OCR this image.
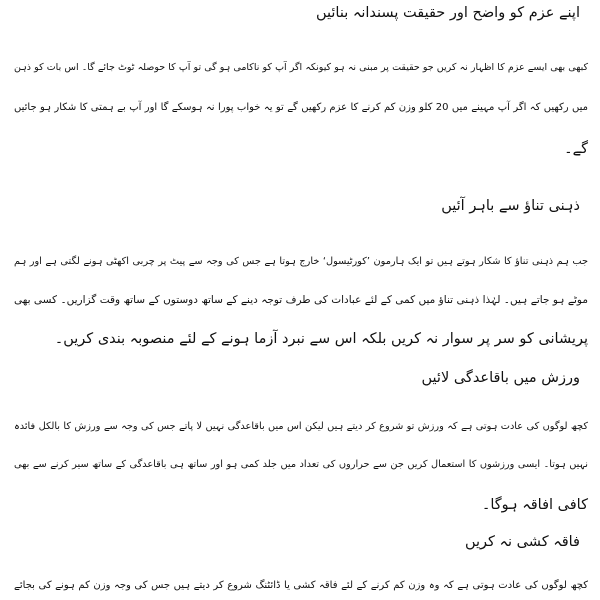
اپنے عزم کو واضح اور حقیقت پسندانہ بنائیں

کبھی بھی ایسے عزم کا اظہار نہ کریں جو حقیقت پر مبنی نہ ہو کیونکہ اگر آپ کو ناکامی ہو گی تو آپ کا حوصلہ ٹوٹ جائے گا۔ اس بات کو ذہن

میں رکھیں کہ اگر آپ مہینے میں 20 کلو وزن کم کرنے کا عزم رکھیں گے تو یہ خواب پورا نہ ہوسکے گا اور آپ بے ہمتی کا شکار ہو جائیں

گے۔

ذہنی تناؤ سے باہر آئیں

جب ہم ذہنی تناؤ کا شکار ہوتے ہیں تو ایک ہارمون ’کورٹیسول‘ خارج ہوتا ہے جس کی وجہ سے پیٹ پر چربی اکھٹی ہونے لگتی ہے اور ہم

موٹے ہو جاتے ہیں۔ لہٰذا ذہنی تناؤ میں کمی کے لئے عبادات کی طرف توجہ دینے کے ساتھ دوستوں کے ساتھ وقت گزاریں۔ کسی بھی

پریشانی کو سر پر سوار نہ کریں بلکہ اس سے نبرد آزما ہونے کے لئے منصوبہ بندی کریں۔

ورزش میں باقاعدگی لائیں

کچھ لوگوں کی عادت ہوتی ہے کہ ورزش تو شروع کر دیتے ہیں لیکن اس میں باقاعدگی نہیں لا پاتے جس کی وجہ سے ورزش کا بالکل فائدہ

نہیں ہوتا۔ ایسی ورزشوں کا استعمال کریں جن سے حراروں کی تعداد میں جلد کمی ہو اور ساتھ ہی باقاعدگی کے ساتھ سیر کرنے سے بھی

کافی افاقہ ہوگا۔

فاقہ کشی نہ کریں

کچھ لوگوں کی عادت ہوتی ہے کہ وہ وزن کم کرنے کے لئے فاقہ کشی یا ڈائٹنگ شروع کر دیتے ہیں جس کی وجہ وزن کم ہونے کی بجائے
